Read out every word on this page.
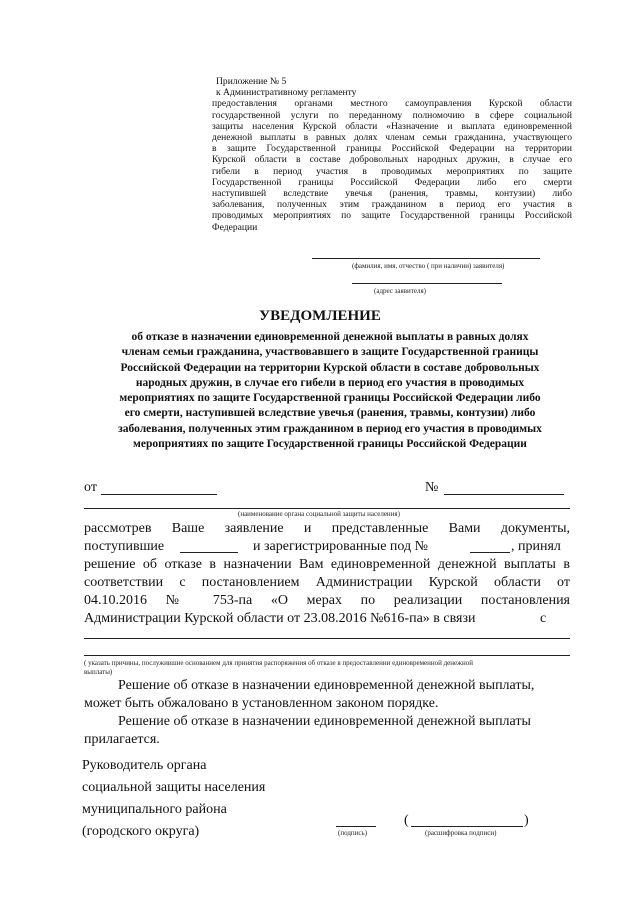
Приложение № 5
к Административному регламенту
предоставления органами местного самоуправления Курской области
государственной услуги по переданному полномочию в сфере социальной
защиты населения Курской области «Назначение и выплата единовременной
денежной выплаты в равных долях членам семьи гражданина, участвующего
в защите Государственной границы Российской Федерации на территории
Курской области в составе добровольных народных дружин, в случае его
гибели в период участия в проводимых мероприятиях по защите
Государственной границы Российской Федерации либо его смерти
наступившей вследствие увечья (ранения, травмы, контузии) либо
заболевания, полученных этим гражданином в период его участия в
проводимых мероприятиях по защите Государственной границы Российской
Федерации
(фамилия, имя, отчество ( при наличии) заявителя)
(адрес заявителя)
УВЕДОМЛЕНИЕ
об отказе в назначении единовременной денежной выплаты в равных долях
членам семьи гражданина, участвовавшего в защите Государственной границы
Российской Федерации на территории Курской области в составе добровольных
народных дружин, в случае его гибели в период его участия в проводимых
мероприятиях по защите Государственной границы Российской Федерации либо
его смерти, наступившей вследствие увечья (ранения, травмы, контузии) либо
заболевания, полученных этим гражданином в период его участия в проводимых
мероприятиях по защите Государственной границы Российской Федерации
от	№
(наименование органа социальной защиты населения)
рассмотрев Ваше заявление и представленные Вами документы,
поступившие	и зарегистрированные под №	, принял
решение об отказе в назначении Вам единовременной денежной выплаты в
соответствии с постановлением Администрации Курской области от
04.10.2016 № 753-па «О мерах по реализации постановления
Администрации Курской области от 23.08.2016 №616-па» в связи	с
( указать причины, послужившие основанием для принятия распоряжения об отказе в предоставлении единовременной денежной
выплаты)
Решение об отказе в назначении единовременной денежной выплаты,
может быть обжаловано в установленном законом порядке.
Решение об отказе в назначении единовременной денежной выплаты
прилагается.
Руководитель органа
социальной защиты населения
муниципального района
(городского округа)	(подпись)
(	)
(расшифровка подписи)
